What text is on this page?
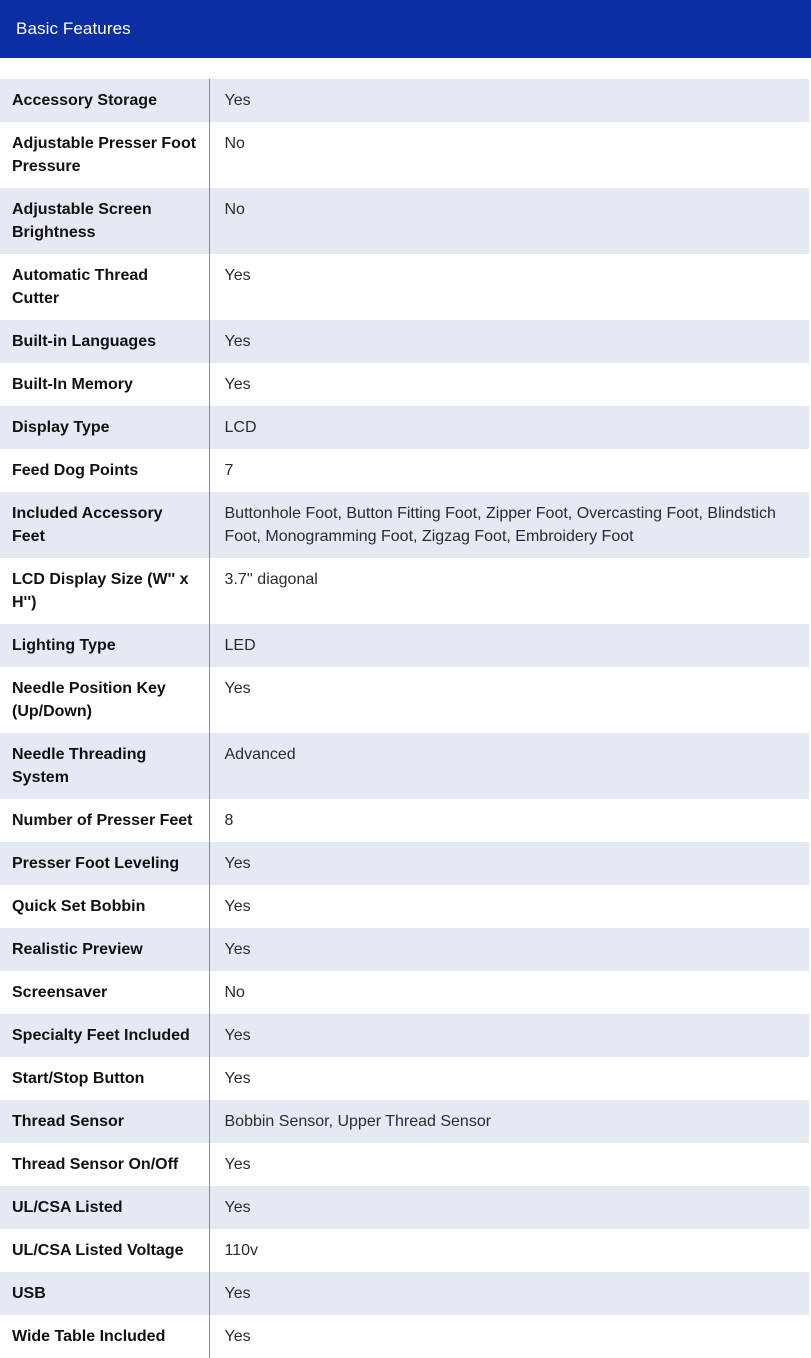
Basic Features
Accessory Storage	Yes
Adjustable Presser Foot Pressure	No
Adjustable Screen Brightness	No
Automatic Thread Cutter	Yes
Built-in Languages	Yes
Built-In Memory	Yes
Display Type	LCD
Feed Dog Points	7
Included Accessory Feet	Buttonhole Foot, Button Fitting Foot, Zipper Foot, Overcasting Foot, Blindstich Foot, Monogramming Foot, Zigzag Foot, Embroidery Foot
LCD Display Size (W'' x H'')	3.7'' diagonal
Lighting Type	LED
Needle Position Key (Up/Down)	Yes
Needle Threading System	Advanced
Number of Presser Feet	8
Presser Foot Leveling	Yes
Quick Set Bobbin	Yes
Realistic Preview	Yes
Screensaver	No
Specialty Feet Included	Yes
Start/Stop Button	Yes
Thread Sensor	Bobbin Sensor, Upper Thread Sensor
Thread Sensor On/Off	Yes
UL/CSA Listed	Yes
UL/CSA Listed Voltage	110v
USB	Yes
Wide Table Included	Yes
